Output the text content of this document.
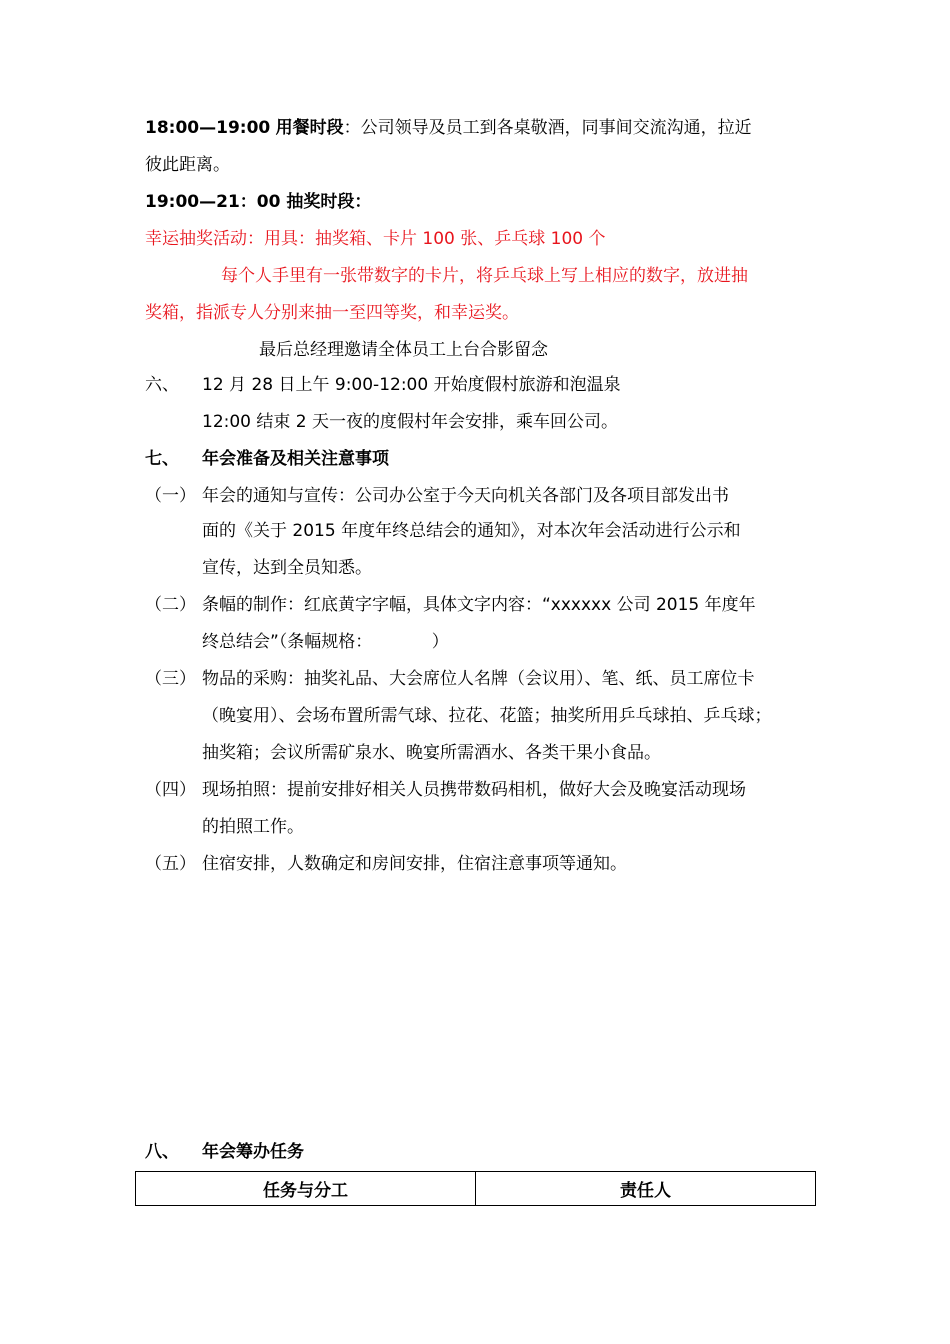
18:00—19:00 用餐时段：公司领导及员工到各桌敬酒，同事间交流沟通，拉近
彼此距离。
19:00—21：00 抽奖时段：
幸运抽奖活动：用具：抽奖箱、卡片 100 张、乒乓球 100 个
每个人手里有一张带数字的卡片，将乒乓球上写上相应的数字，放进抽
奖箱，指派专人分别来抽一至四等奖，和幸运奖。
最后总经理邀请全体员工上台合影留念
六、 12 月 28 日上午 9:00-12:00 开始度假村旅游和泡温泉
12:00 结束 2 天一夜的度假村年会安排，乘车回公司。
七、 年会准备及相关注意事项
（一） 年会的通知与宣传：公司办公室于今天向机关各部门及各项目部发出书
面的《关于 2015 年度年终总结会的通知》，对本次年会活动进行公示和
宣传，达到全员知悉。
（二） 条幅的制作：红底黄字字幅，具体文字内容：“xxxxxx 公司 2015 年度年
终总结会”（条幅规格：　　　　）
（三） 物品的采购：抽奖礼品、大会席位人名牌（会议用）、笔、纸、员工席位卡
（晚宴用）、会场布置所需气球、拉花、花篮；抽奖所用乒乓球拍、乒乓球；
抽奖箱；会议所需矿泉水、晚宴所需酒水、各类干果小食品。
（四） 现场拍照：提前安排好相关人员携带数码相机，做好大会及晚宴活动现场
的拍照工作。
（五） 住宿安排，人数确定和房间安排，住宿注意事项等通知。
八、 年会筹办任务
任务与分工	责任人
